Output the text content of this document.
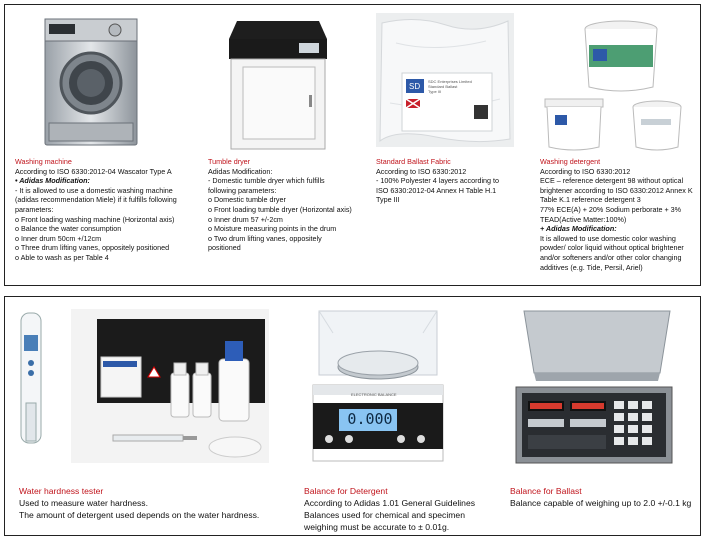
SD
SDC Enterprises Limited
Standard Ballast
Type III
Washing machine
According to ISO 6330:2012-04 Wascator Type A
• Adidas Modification:
- It is allowed to use a domestic washing machine
(adidas recommendation Miele) if it fulfills following
parameters:
o Front loading washing machine (Horizontal axis)
o Balance the water consumption
o Inner drum 50cm +/12cm
o Three drum lifting vanes, oppositely positioned
o Able to wash as per Table 4
Tumble dryer
Adidas Modification:
- Domestic tumble dryer which fulfills
following parameters:
o Domestic tumble dryer
o Front loading tumble dryer (Horizontal axis)
o Inner drum 57 +/-2cm
o Moisture measuring points in the drum
o Two drum lifting vanes, oppositely
positioned
Standard Ballast Fabric
According to ISO 6330:2012
- 100% Polyester 4 layers according to
ISO 6330:2012-04 Annex H Table H.1
Type III
Washing detergent
According to ISO 6330:2012
ECE – reference detergent 98 without optical
brightener according to ISO 6330:2012 Annex K
Table K.1 reference detergent 3
77% ECE(A) + 20% Sodium perborate + 3%
TEAD(Active Matter:100%)
+ Adidas Modification:
It is allowed to use domestic color washing
powder/ color liquid without optical brightener
and/or softeners and/or other color changing
additives (e.g. Tide, Persil, Ariel)
0.000
ELECTRONIC BALANCE
Water hardness tester
Used to measure water hardness.
The amount of detergent used depends on the water hardness.
Balance for Detergent
According to Adidas 1.01 General Guidelines
Balances used for chemical and specimen
weighing must be accurate to ± 0.01g.
Balance for Ballast
Balance capable of weighing up to 2.0 +/-0.1 kg
